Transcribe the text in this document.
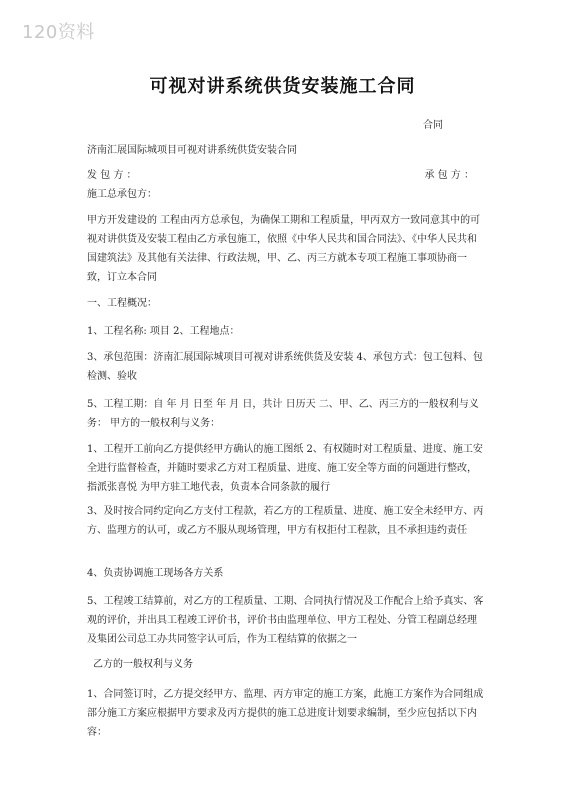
120资料
可视对讲系统供货安装施工合同
合同

济南汇展国际城项目可视对讲系统供货安装合同

发 包 方 ：	承 包 方 ：

施工总承包方：

甲方开发建设的 工程由丙方总承包，为确保工期和工程质量，甲丙双方一致同意其中的可视对讲供货及安装工程由乙方承包施工，依照《中华人民共和国合同法》、《中华人民共和国建筑法》及其他有关法律、行政法规，甲、乙、丙三方就本专项工程施工事项协商一致，订立本合同

一、工程概况：

1、工程名称: 项目 2、工程地点：

3、承包范围：济南汇展国际城项目可视对讲系统供货及安装 4、承包方式：包工包料、包检测、验收

5、工程工期：自 年 月 日至 年 月 日，共计 日历天 二、甲、乙、丙三方的一般权利与义务： 甲方的一般权利与义务：

1、工程开工前向乙方提供经甲方确认的施工图纸 2、有权随时对工程质量、进度、施工安全进行监督检查，并随时要求乙方对工程质量、进度、施工安全等方面的问题进行整改，指派张喜悦 为甲方驻工地代表，负责本合同条款的履行

3、及时按合同约定向乙方支付工程款，若乙方的工程质量、进度、施工安全未经甲方、丙方、监理方的认可，或乙方不服从现场管理，甲方有权拒付工程款，且不承担违约责任

4、负责协调施工现场各方关系

5、工程竣工结算前，对乙方的工程质量、工期、合同执行情况及工作配合上给予真实、客观的评价，并出具工程竣工评价书，评价书由监理单位、甲方工程处、分管工程副总经理及集团公司总工办共同签字认可后，作为工程结算的依据之一

乙方的一般权利与义务

1、合同签订时，乙方提交经甲方、监理、丙方审定的施工方案，此施工方案作为合同组成部分施工方案应根据甲方要求及丙方提供的施工总进度计划要求编制，至少应包括以下内容：
